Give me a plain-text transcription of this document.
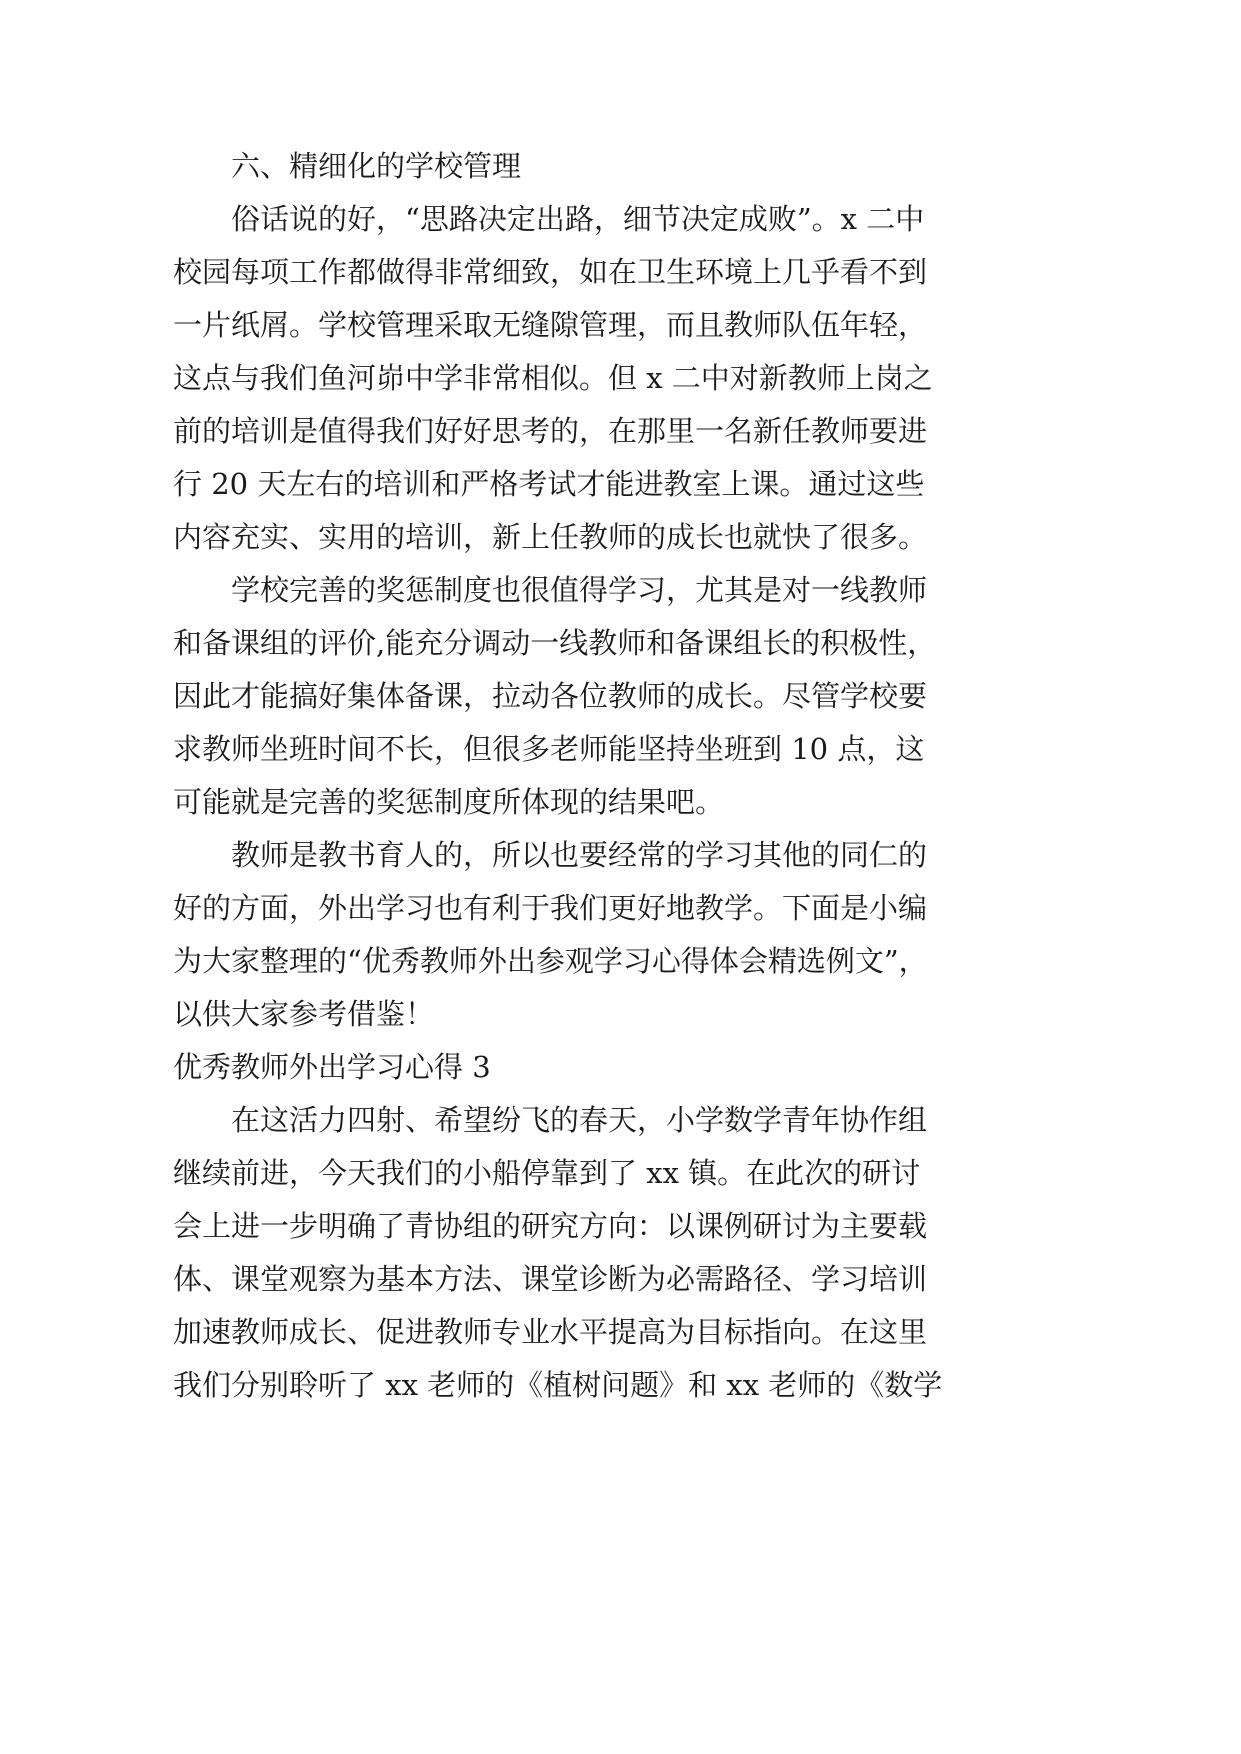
六、精细化的学校管理
俗话说的好，“思路决定出路，细节决定成败”。x 二中
校园每项工作都做得非常细致，如在卫生环境上几乎看不到
一片纸屑。学校管理采取无缝隙管理，而且教师队伍年轻，
这点与我们鱼河峁中学非常相似。但 x 二中对新教师上岗之
前的培训是值得我们好好思考的，在那里一名新任教师要进
行 20 天左右的培训和严格考试才能进教室上课。通过这些
内容充实、实用的培训，新上任教师的成长也就快了很多。
学校完善的奖惩制度也很值得学习，尤其是对一线教师
和备课组的评价,能充分调动一线教师和备课组长的积极性，
因此才能搞好集体备课，拉动各位教师的成长。尽管学校要
求教师坐班时间不长，但很多老师能坚持坐班到 10 点，这
可能就是完善的奖惩制度所体现的结果吧。
教师是教书育人的，所以也要经常的学习其他的同仁的
好的方面，外出学习也有利于我们更好地教学。下面是小编
为大家整理的“优秀教师外出参观学习心得体会精选例文”，
以供大家参考借鉴！
优秀教师外出学习心得 3
在这活力四射、希望纷飞的春天，小学数学青年协作组
继续前进，今天我们的小船停靠到了 xx 镇。在此次的研讨
会上进一步明确了青协组的研究方向：以课例研讨为主要载
体、课堂观察为基本方法、课堂诊断为必需路径、学习培训
加速教师成长、促进教师专业水平提高为目标指向。在这里
我们分别聆听了 xx 老师的《植树问题》和 xx 老师的《数学
